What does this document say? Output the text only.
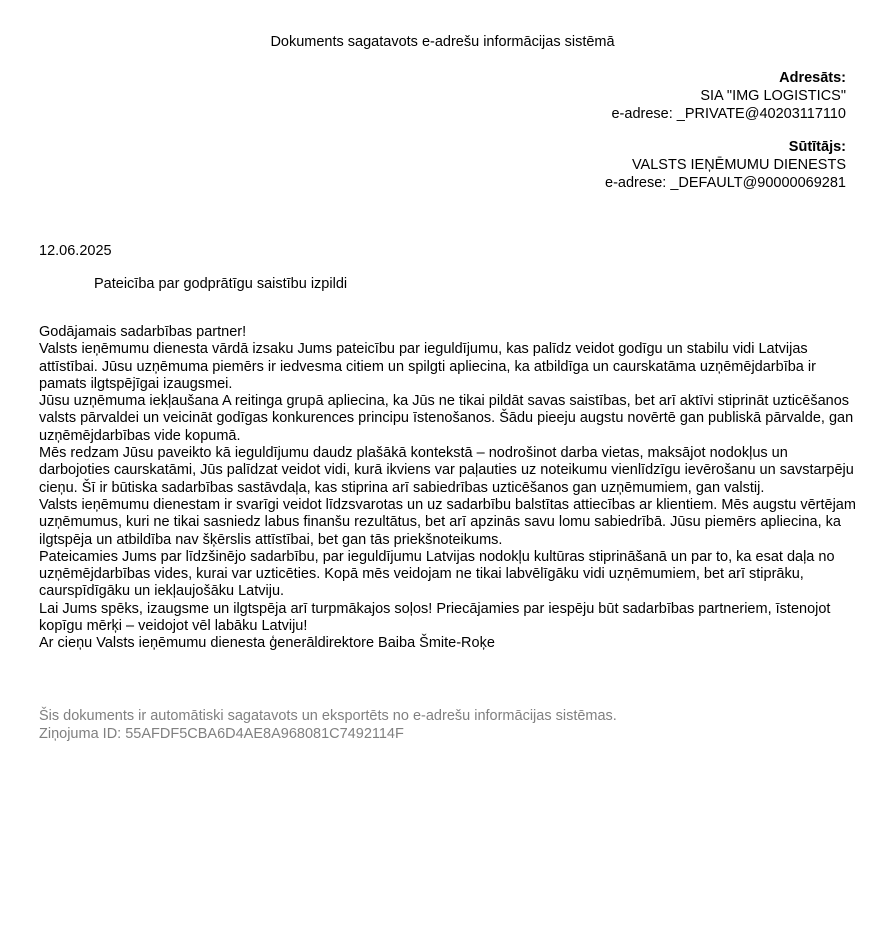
Dokuments sagatavots e-adrešu informācijas sistēmā
Adresāts:
SIA "IMG LOGISTICS"
e-adrese: _PRIVATE@40203117110
Sūtītājs:
VALSTS IEŅĒMUMU DIENESTS
e-adrese: _DEFAULT@90000069281
12.06.2025
Pateicība par godprātīgu saistību izpildi

Godājamais sadarbības partner!

Valsts ieņēmumu dienesta vārdā izsaku Jums pateicību par ieguldījumu, kas palīdz veidot godīgu un stabilu vidi Latvijas attīstībai. Jūsu uzņēmuma piemērs ir iedvesma citiem un spilgti apliecina, ka atbildīga un caurskatāma uzņēmējdarbība ir pamats ilgtspējīgai izaugsmei.

Jūsu uzņēmuma iekļaušana A reitinga grupā apliecina, ka Jūs ne tikai pildāt savas saistības, bet arī aktīvi stiprināt uzticēšanos valsts pārvaldei un veicināt godīgas konkurences principu īstenošanos. Šādu pieeju augstu novērtē gan publiskā pārvalde, gan uzņēmējdarbības vide kopumā.

Mēs redzam Jūsu paveikto kā ieguldījumu daudz plašākā kontekstā – nodrošinot darba vietas, maksājot nodokļus un darbojoties caurskatāmi, Jūs palīdzat veidot vidi, kurā ikviens var paļauties uz noteikumu vienlīdzīgu ievērošanu un savstarpēju cieņu. Šī ir būtiska sadarbības sastāvdaļa, kas stiprina arī sabiedrības uzticēšanos gan uzņēmumiem, gan valstij.

Valsts ieņēmumu dienestam ir svarīgi veidot līdzsvarotas un uz sadarbību balstītas attiecības ar klientiem. Mēs augstu vērtējam uzņēmumus, kuri ne tikai sasniedz labus finanšu rezultātus, bet arī apzinās savu lomu sabiedrībā. Jūsu piemērs apliecina, ka ilgtspēja un atbildība nav šķērslis attīstībai, bet gan tās priekšnoteikums.

Pateicamies Jums par līdzšinējo sadarbību, par ieguldījumu Latvijas nodokļu kultūras stiprināšanā un par to, ka esat daļa no uzņēmējdarbības vides, kurai var uzticēties. Kopā mēs veidojam ne tikai labvēlīgāku vidi uzņēmumiem, bet arī stiprāku, caurspīdīgāku un iekļaujošāku Latviju.

Lai Jums spēks, izaugsme un ilgtspēja arī turpmākajos soļos! Priecājamies par iespēju būt sadarbības partneriem, īstenojot kopīgu mērķi – veidojot vēl labāku Latviju!

Ar cieņu Valsts ieņēmumu dienesta ģenerāldirektore Baiba Šmite-Roķe

Šis dokuments ir automātiski sagatavots un eksportēts no e-adrešu informācijas sistēmas.
Ziņojuma ID: 55AFDF5CBA6D4AE8A968081C7492114F
